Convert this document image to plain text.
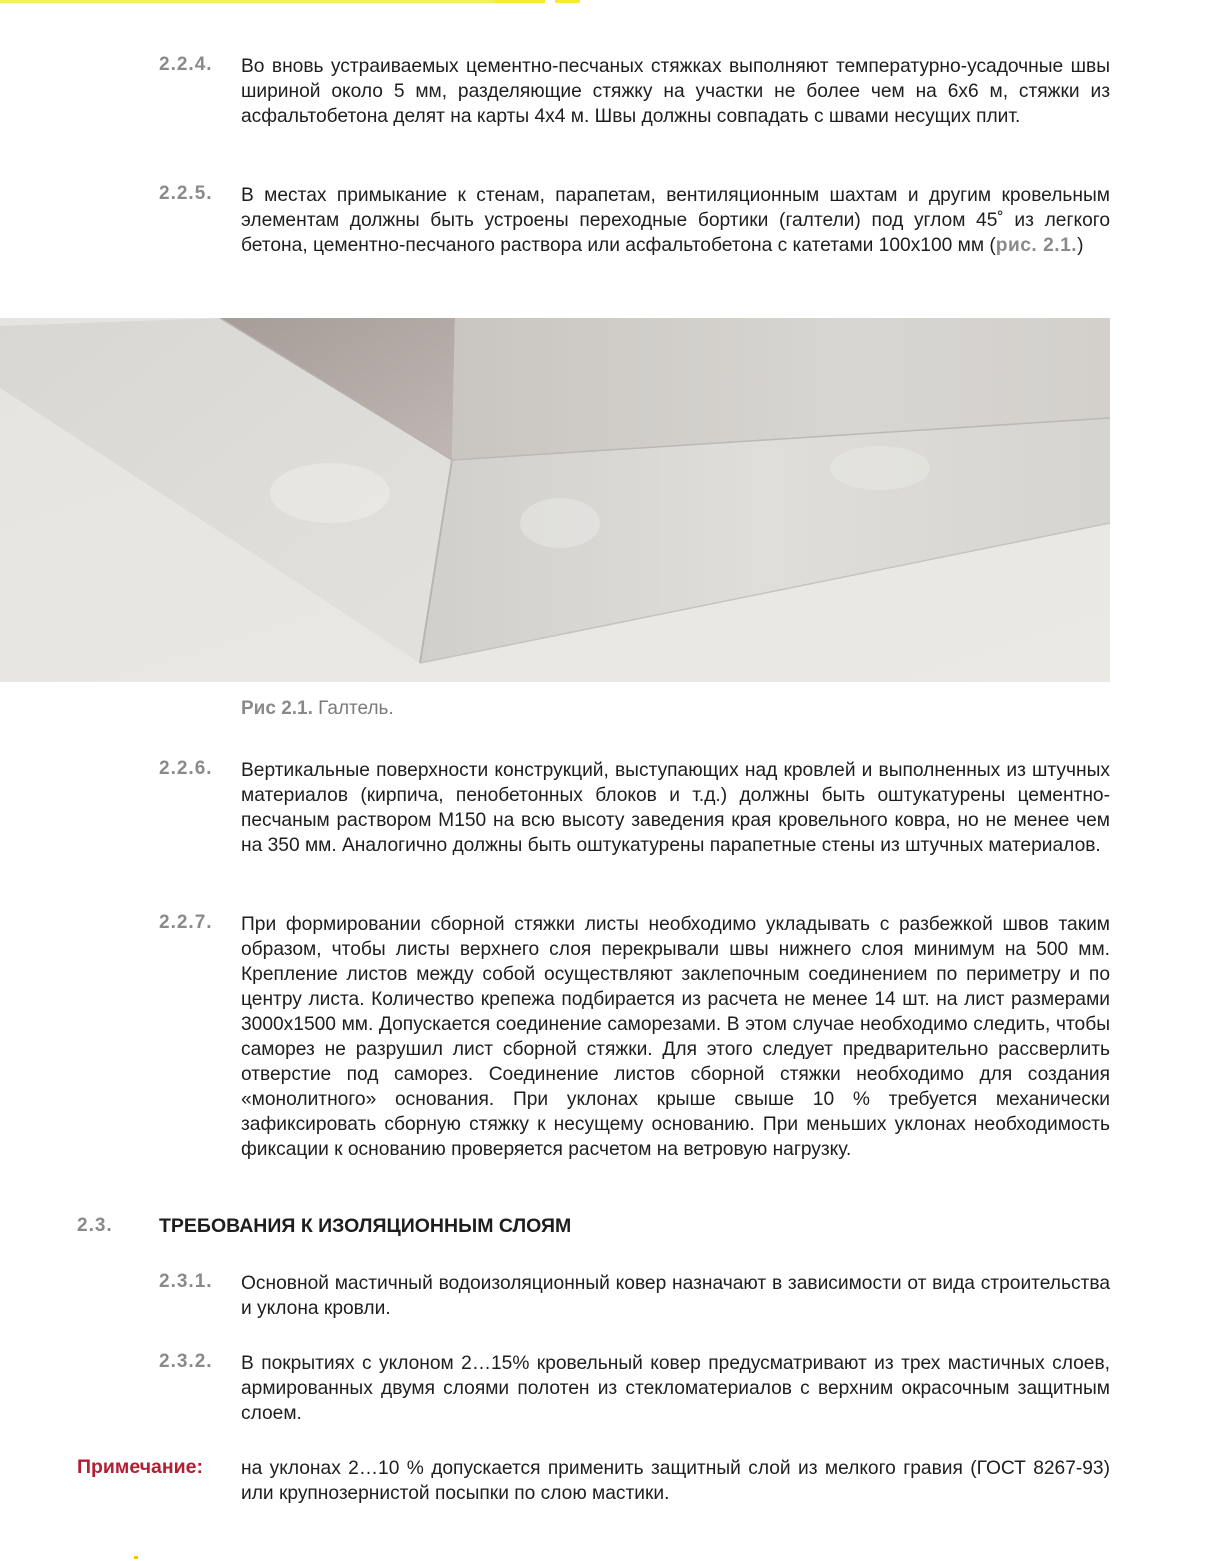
2.2.4. Во вновь устраиваемых цементно-песчаных стяжках выполняют температурно-усадочные швы шириной около 5 мм, разделяющие стяжку на участки не более чем на 6х6 м, стяжки из асфальтобетона делят на карты 4х4 м. Швы должны совпадать с швами несущих плит.

2.2.5. В местах примыкание к стенам, парапетам, вентиляционным шахтам и другим кровельным элементам должны быть устроены переходные бортики (галтели) под углом 45˚ из легкого бетона, цементно-песчаного раствора или асфальтобетона с катетами 100х100 мм (рис. 2.1.)

Рис 2.1. Галтель.
2.2.6. Вертикальные поверхности конструкций, выступающих над кровлей и выполненных из штучных материалов (кирпича, пенобетонных блоков и т.д.) должны быть оштукатурены цементно-песчаным раствором М150 на всю высоту заведения края кровельного ковра, но не менее чем на 350 мм. Аналогично должны быть оштукатурены парапетные стены из штучных материалов.

2.2.7. При формировании сборной стяжки листы необходимо укладывать с разбежкой швов таким образом, чтобы листы верхнего слоя перекрывали швы нижнего слоя минимум на 500 мм. Крепление листов между собой осуществляют заклепочным соединением по периметру и по центру листа. Количество крепежа подбирается из расчета не менее 14 шт. на лист размерами 3000х1500 мм. Допускается соединение саморезами. В этом случае необходимо следить, чтобы саморез не разрушил лист сборной стяжки. Для этого следует предварительно рассверлить отверстие под саморез. Соединение листов сборной стяжки необходимо для создания «монолитного» основания. При уклонах крыше свыше 10 % требуется механически зафиксировать сборную стяжку к несущему основанию. При меньших уклонах необходимость фиксации к основанию проверяется расчетом на ветровую нагрузку.

2.3. ТРЕБОВАНИЯ К ИЗОЛЯЦИОННЫМ СЛОЯМ
2.3.1. Основной мастичный водоизоляционный ковер назначают в зависимости от вида строительства и уклона кровли.

2.3.2. В покрытиях с уклоном 2…15% кровельный ковер предусматривают из трех мастичных слоев, армированных двумя слоями полотен из стекломатериалов с верхним окрасочным защитным слоем.

Примечание: на уклонах 2…10 % допускается применить защитный слой из мелкого гравия (ГОСТ 8267-93) или крупнозернистой посыпки по слою мастики.
